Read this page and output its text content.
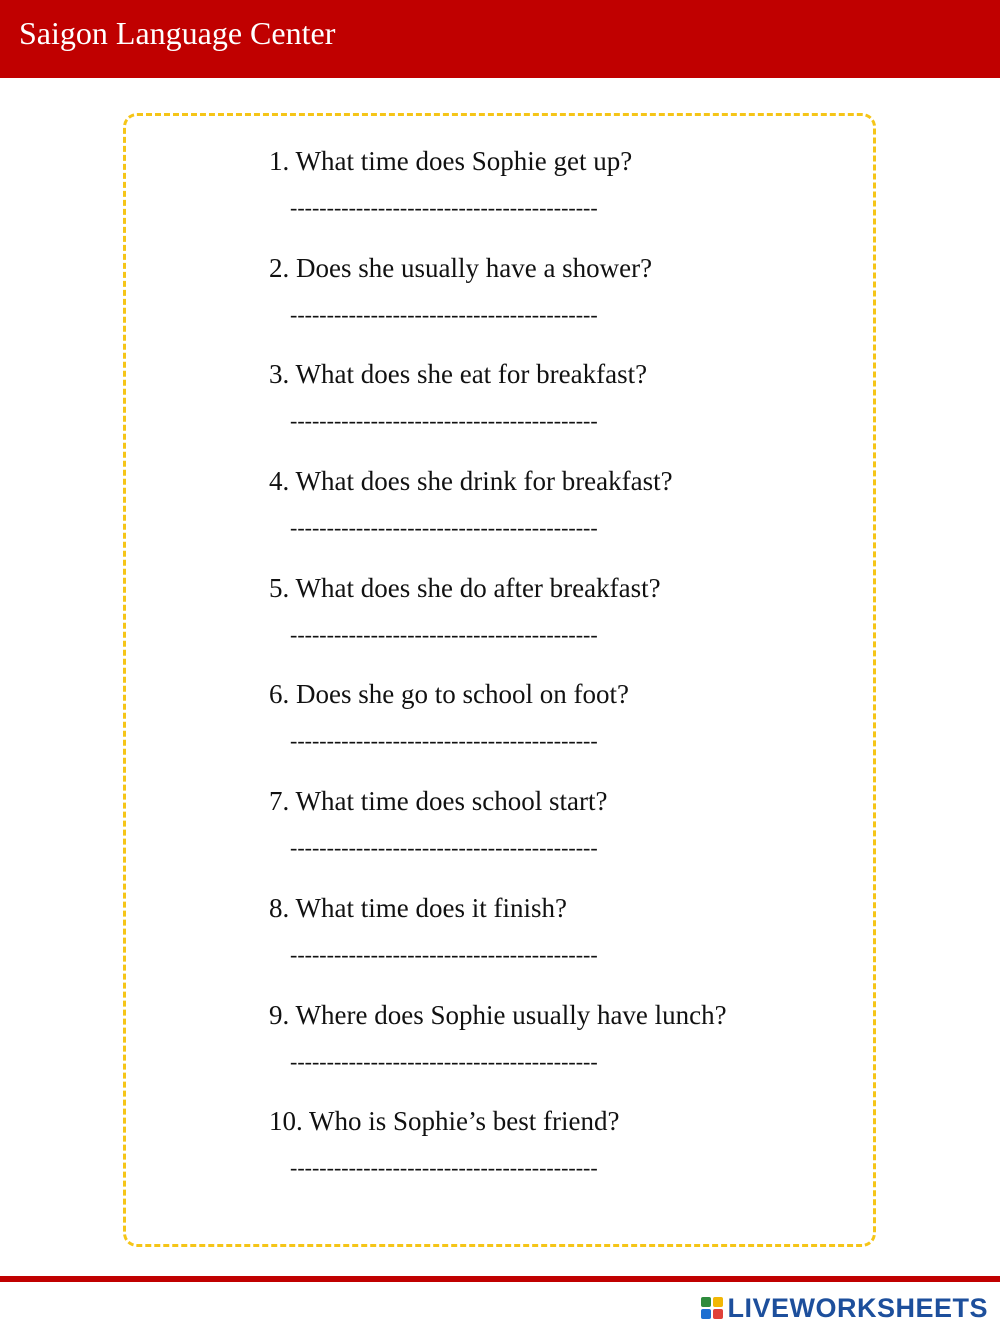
Saigon Language Center
1. What time does Sophie get up?
------------------------------------------
2. Does she usually have a shower?
------------------------------------------
3. What does she eat for breakfast?
------------------------------------------
4. What does she drink for breakfast?
------------------------------------------
5. What does she do after breakfast?
------------------------------------------
6. Does she go to school on foot?
------------------------------------------
7. What time does school start?
------------------------------------------
8. What time does it finish?
------------------------------------------
9. Where does Sophie usually have lunch?
------------------------------------------
10. Who is Sophie’s best friend?
------------------------------------------
LIVEWORKSHEETS
